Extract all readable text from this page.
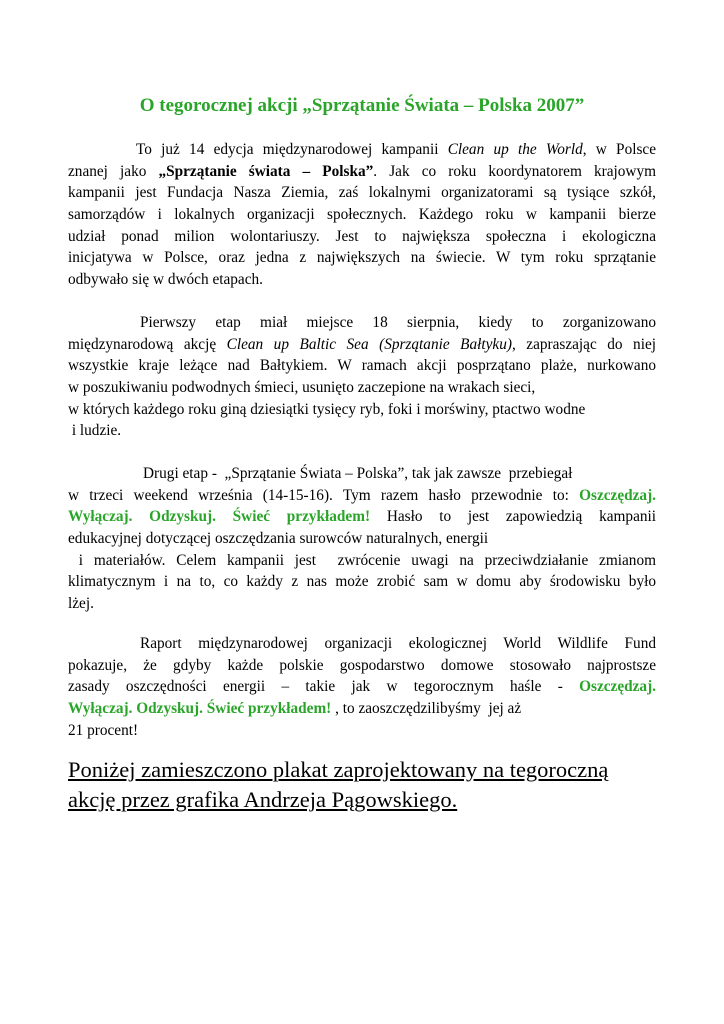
O tegorocznej akcji „Sprzątanie Świata – Polska 2007”
To już 14 edycja międzynarodowej kampanii Clean up the World, w Polsce
znanej jako „Sprzątanie świata – Polska”. Jak co roku koordynatorem krajowym
kampanii jest Fundacja Nasza Ziemia, zaś lokalnymi organizatorami są tysiące szkół,
samorządów i lokalnych organizacji społecznych. Każdego roku w kampanii bierze
udział ponad milion wolontariuszy. Jest to największa społeczna i ekologiczna
inicjatywa w Polsce, oraz jedna z największych na świecie. W tym roku sprzątanie
odbywało się w dwóch etapach.
Pierwszy etap miał miejsce 18 sierpnia, kiedy to zorganizowano
międzynarodową akcję Clean up Baltic Sea (Sprzątanie Bałtyku), zapraszając do niej
wszystkie kraje leżące nad Bałtykiem. W ramach akcji posprzątano plaże, nurkowano
w poszukiwaniu podwodnych śmieci, usunięto zaczepione na wrakach sieci,
w których każdego roku giną dziesiątki tysięcy ryb, foki i morświny, ptactwo wodne
i ludzie.
Drugi etap -  „Sprzątanie Świata – Polska”, tak jak zawsze  przebiegał
w trzeci weekend września (14-15-16). Tym razem hasło przewodnie to: Oszczędzaj.
Wyłączaj. Odzyskuj. Świeć przykładem! Hasło to jest zapowiedzią kampanii
edukacyjnej dotyczącej oszczędzania surowców naturalnych, energii
i materiałów. Celem kampanii jest  zwrócenie uwagi na przeciwdziałanie zmianom
klimatycznym i na to, co każdy z nas może zrobić sam w domu aby środowisku było
lżej.
Raport międzynarodowej organizacji ekologicznej World Wildlife Fund
pokazuje, że gdyby każde polskie gospodarstwo domowe stosowało najprostsze
zasady oszczędności energii – takie jak w tegorocznym haśle - Oszczędzaj.
Wyłączaj. Odzyskuj. Świeć przykładem! , to zaoszczędzilibyśmy  jej aż
21 procent!
Poniżej zamieszczono plakat zaprojektowany na tegoroczną
akcję przez grafika Andrzeja Pągowskiego.
